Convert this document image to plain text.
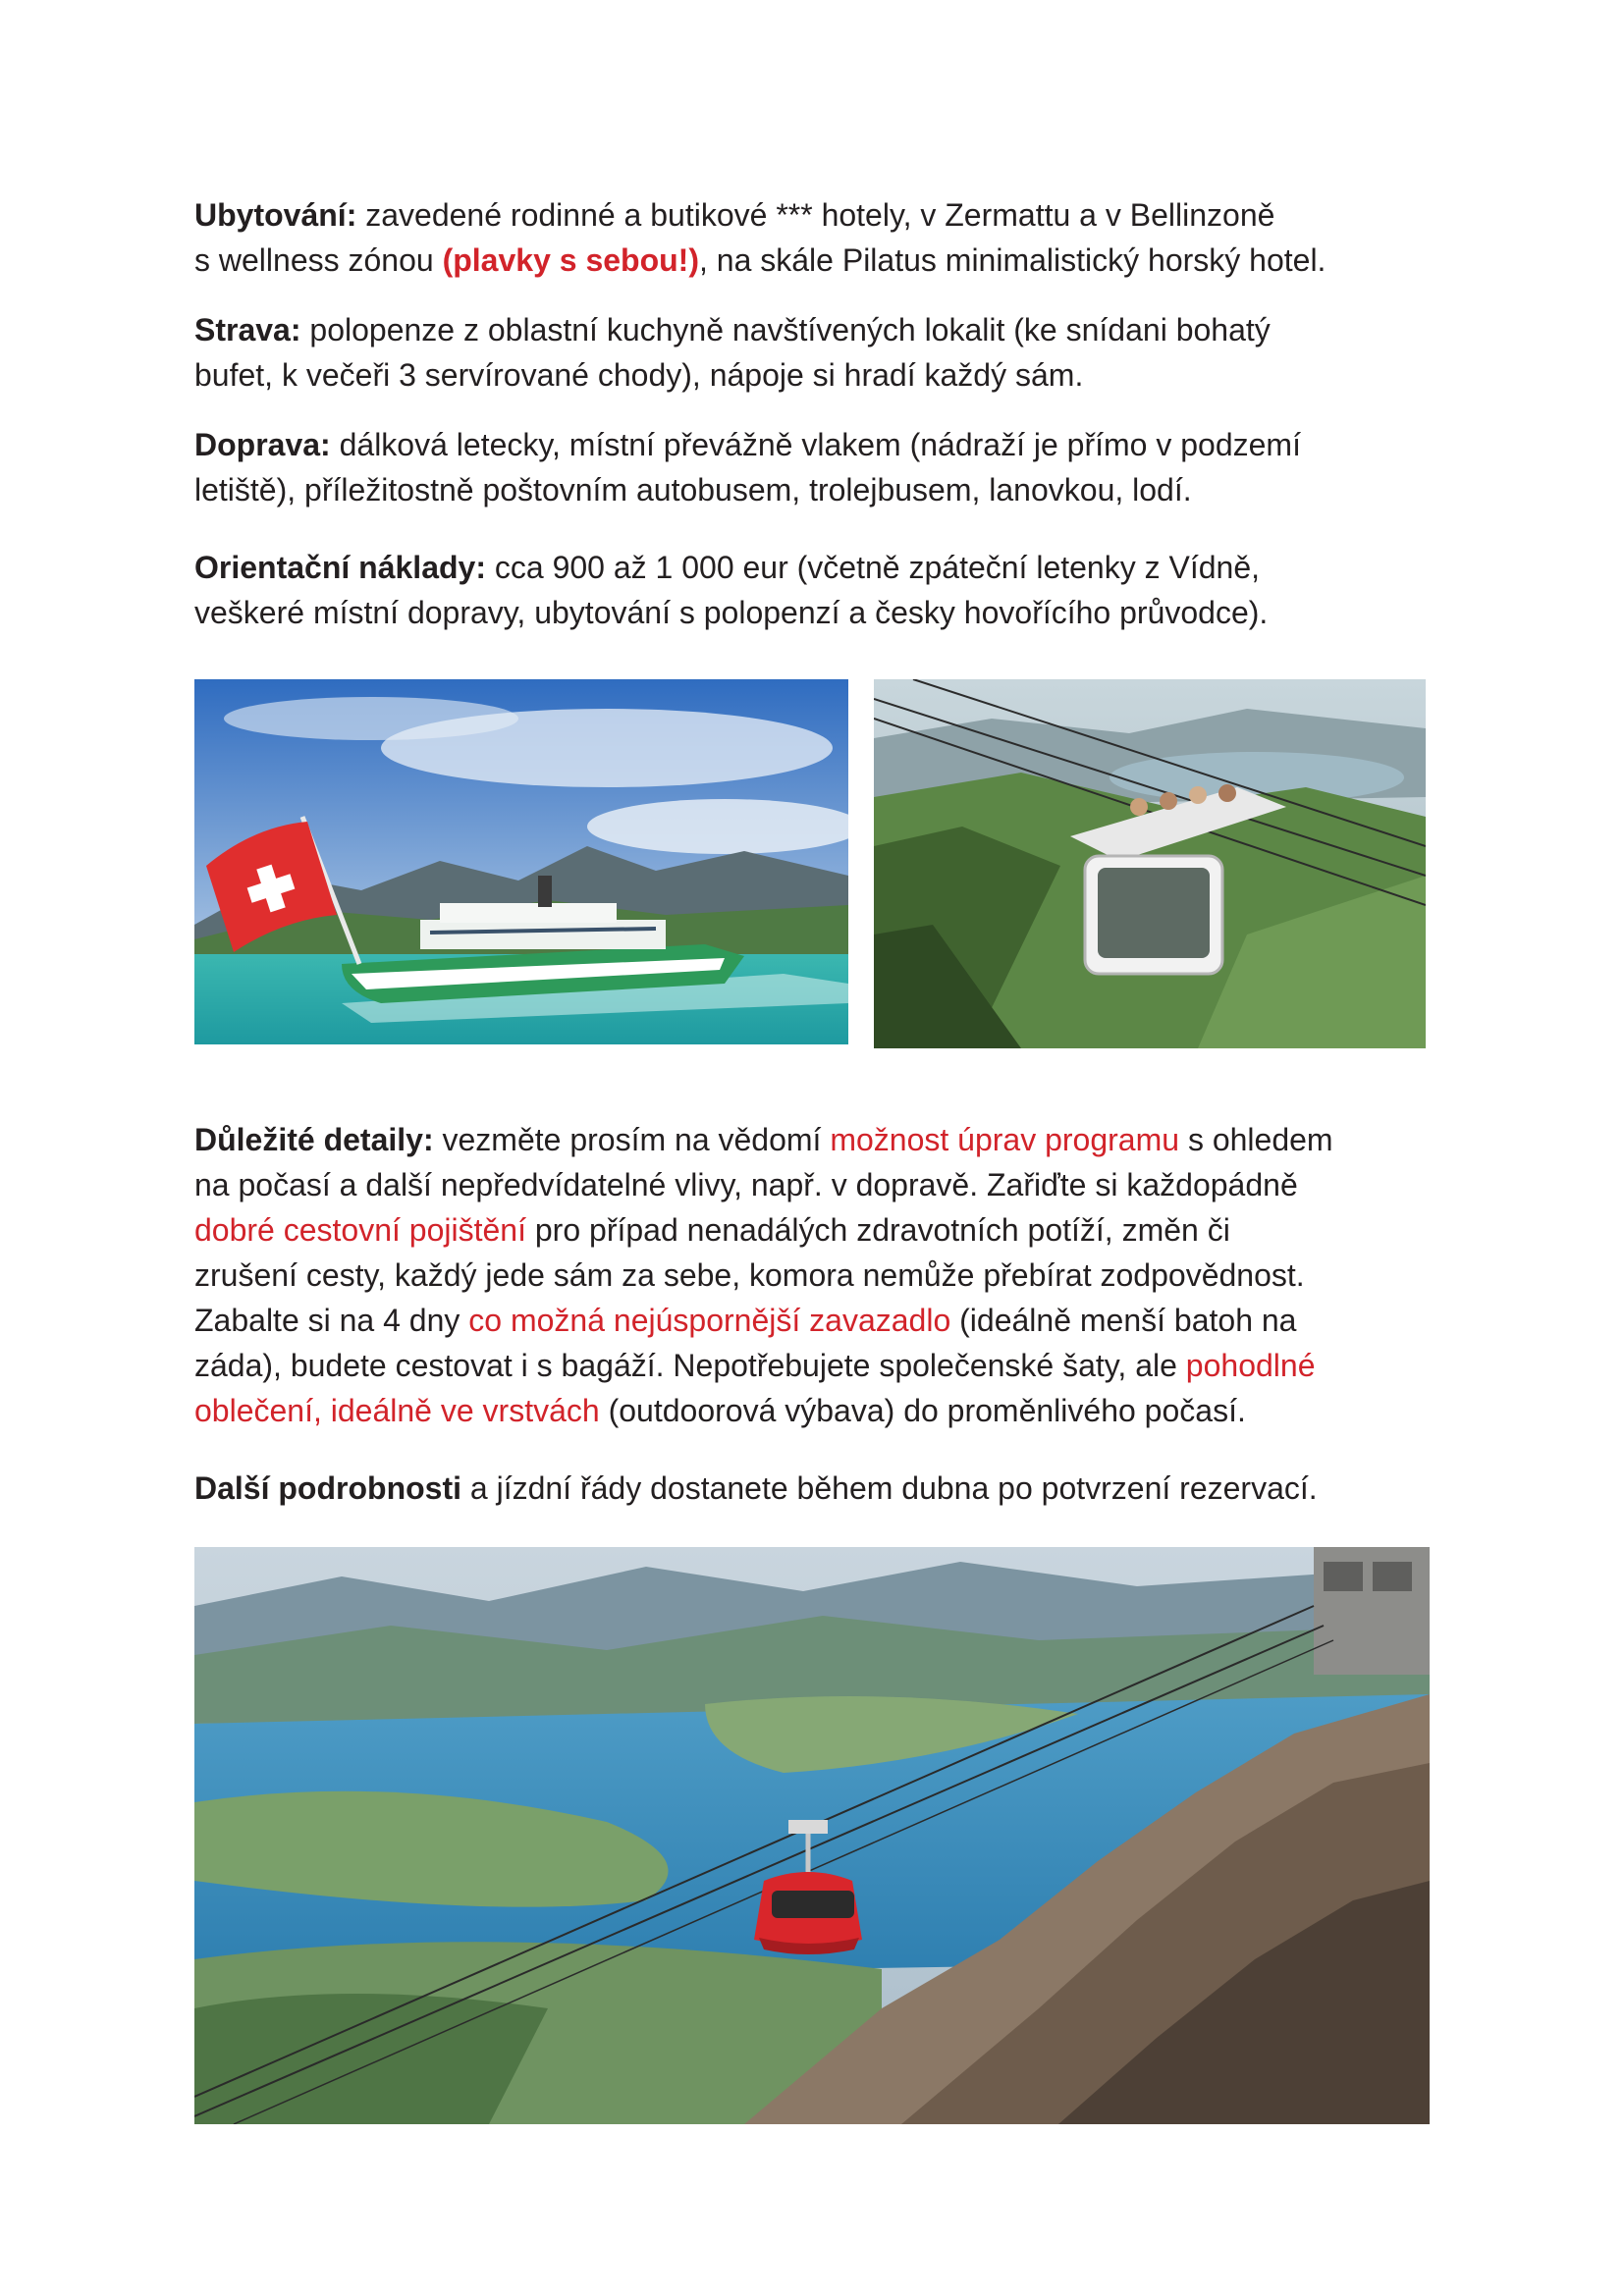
Ubytování: zavedené rodinné a butikové *** hotely, v Zermattu a v Bellinzoně
s wellness zónou (plavky s sebou!), na skále Pilatus minimalistický horský hotel.

Strava: polopenze z oblastní kuchyně navštívených lokalit (ke snídani bohatý
bufet, k večeři 3 servírované chody), nápoje si hradí každý sám.

Doprava: dálková letecky, místní převážně vlakem (nádraží je přímo v podzemí
letiště), příležitostně poštovním autobusem, trolejbusem, lanovkou, lodí.

Orientační náklady: cca 900 až 1 000 eur (včetně zpáteční letenky z Vídně,
veškeré místní dopravy, ubytování s polopenzí a česky hovořícího průvodce).

Důležité detaily: vezměte prosím na vědomí možnost úprav programu s ohledem
na počasí a další nepředvídatelné vlivy, např. v dopravě. Zařiďte si každopádně
dobré cestovní pojištění pro případ nenadálých zdravotních potíží, změn či
zrušení cesty, každý jede sám za sebe, komora nemůže přebírat zodpovědnost.
Zabalte si na 4 dny co možná nejúspornější zavazadlo (ideálně menší batoh na
záda), budete cestovat i s bagáží. Nepotřebujete společenské šaty, ale pohodlné
oblečení, ideálně ve vrstvách (outdoorová výbava) do proměnlivého počasí.

Další podrobnosti a jízdní řády dostanete během dubna po potvrzení rezervací.
